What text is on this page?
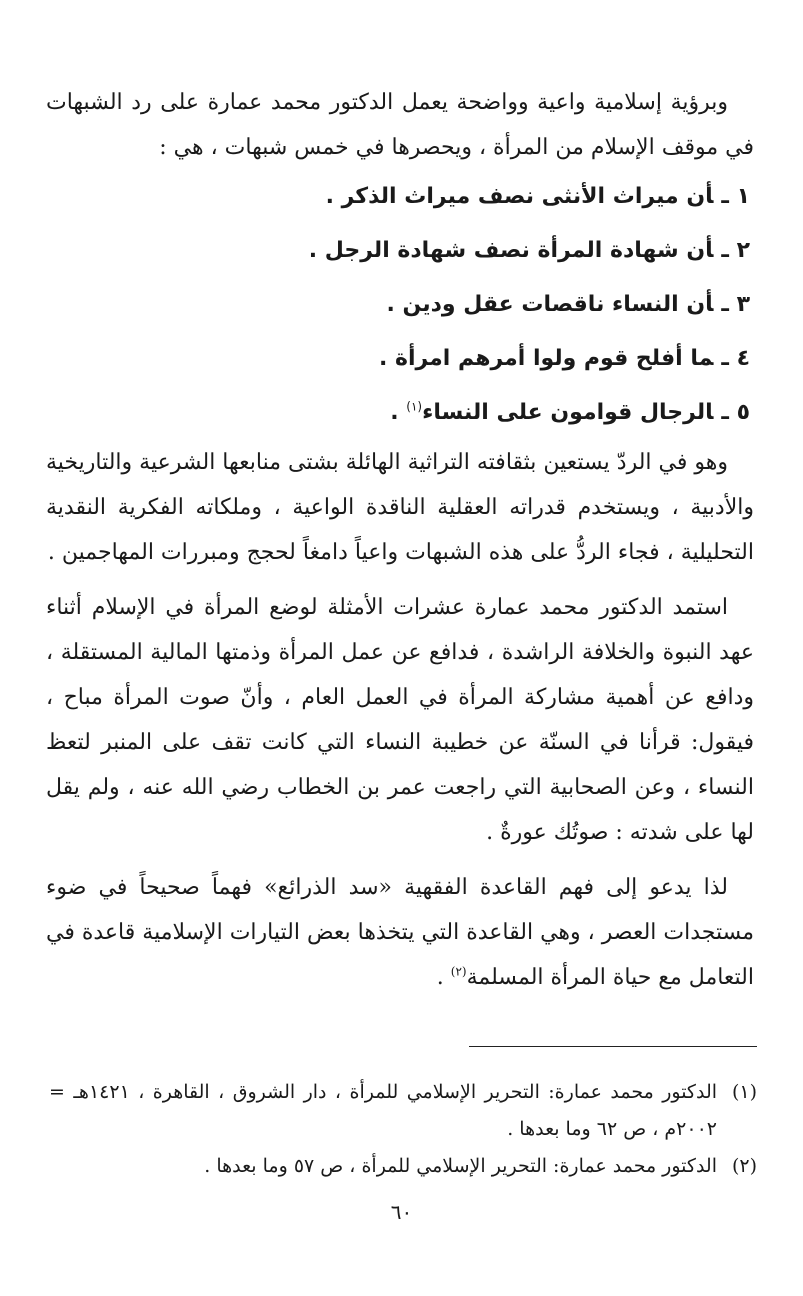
وبرؤية إسلامية واعية وواضحة يعمل الدكتور محمد عمارة على رد الشبهات في موقف الإسلام من المرأة ، ويحصرها في خمس شبهات ، هي :

١ ـأن ميراث الأنثى نصف ميراث الذكر .
٢ ـأن شهادة المرأة نصف شهادة الرجل .
٣ ـأن النساء ناقصات عقل ودين .
٤ ـما أفلح قوم ولوا أمرهم امرأة .
٥ ـالرجال قوامون على النساء$^{(١)}$ .

وهو في الردّ يستعين بثقافته التراثية الهائلة بشتى منابعها الشرعية والتاريخية والأدبية ، ويستخدم قدراته العقلية الناقدة الواعية ، وملكاته الفكرية النقدية التحليلية ، فجاء الردُّ على هذه الشبهات واعياً دامغاً لحجج ومبررات المهاجمين .

استمد الدكتور محمد عمارة عشرات الأمثلة لوضع المرأة في الإسلام أثناء عهد النبوة والخلافة الراشدة ، فدافع عن عمل المرأة وذمتها المالية المستقلة ، ودافع عن أهمية مشاركة المرأة في العمل العام ، وأنّ صوت المرأة مباح ، فيقول: قرأنا في السنّة عن خطيبة النساء التي كانت تقف على المنبر لتعظ النساء ، وعن الصحابية التي راجعت عمر بن الخطاب رضي الله عنه ، ولم يقل لها على شدته : صوتُك عورةٌ .

لذا يدعو إلى فهم القاعدة الفقهية «سد الذرائع» فهماً صحيحاً في ضوء مستجدات العصر ، وهي القاعدة التي يتخذها بعض التيارات الإسلامية قاعدة في التعامل مع حياة المرأة المسلمة$^{(٢)}$ .

(١)
الدكتور محمد عمارة: التحرير الإسلامي للمرأة ، دار الشروق ، القاهرة ، ١٤٢١هـ = ٢٠٠٢م ، ص ٦٢ وما بعدها .
(٢)
الدكتور محمد عمارة: التحرير الإسلامي للمرأة ، ص ٥٧ وما بعدها .
٦٠
